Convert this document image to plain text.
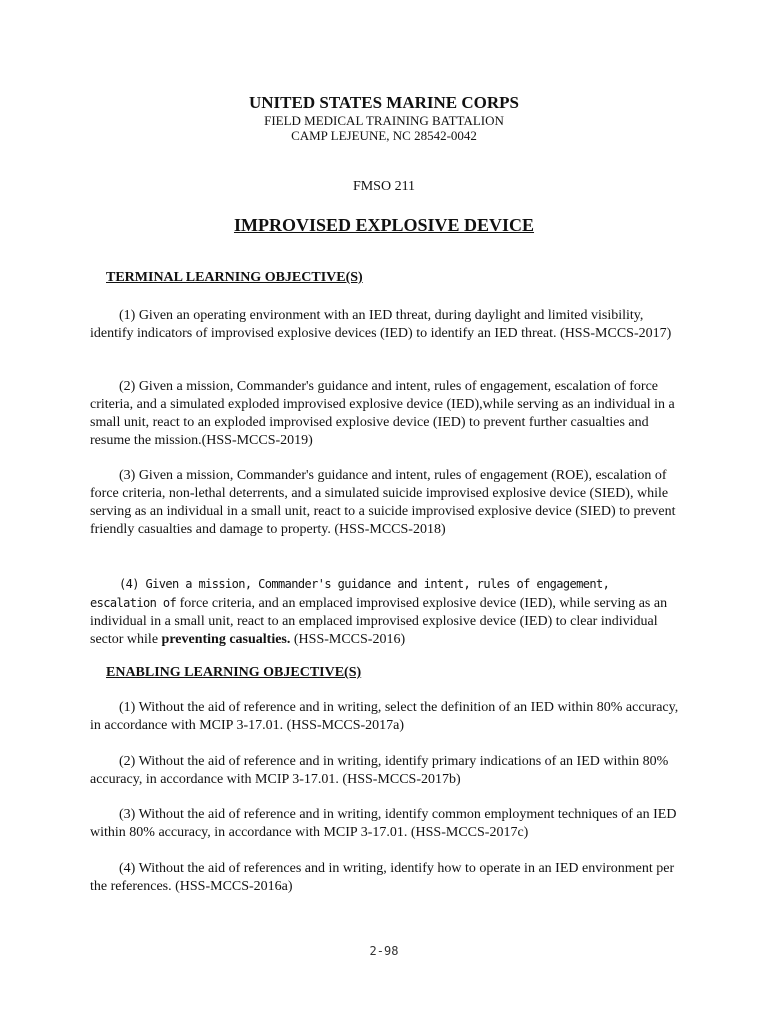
UNITED STATES MARINE CORPS

FIELD MEDICAL TRAINING BATTALION

CAMP LEJEUNE, NC 28542-0042

FMSO 211

IMPROVISED EXPLOSIVE DEVICE

TERMINAL LEARNING OBJECTIVE(S)

(1) Given an operating environment with an IED threat, during daylight and limited visibility, identify indicators of improvised explosive devices (IED) to identify an IED threat. (HSS-MCCS-2017)

(2) Given a mission, Commander's guidance and intent, rules of engagement, escalation of force criteria, and a simulated exploded improvised explosive device (IED),while serving as an individual in a small unit, react to an exploded improvised explosive device (IED) to prevent further casualties and resume the mission.(HSS-MCCS-2019)

(3) Given a mission, Commander's guidance and intent, rules of engagement (ROE), escalation of force criteria, non-lethal deterrents, and a simulated suicide improvised explosive device (SIED), while serving as an individual in a small unit, react to a suicide improvised explosive device (SIED) to prevent friendly casualties and damage to property. (HSS-MCCS-2018)

(4) Given a mission, Commander's guidance and intent, rules of engagement, escalation of force criteria, and an emplaced improvised explosive device (IED), while serving as an individual in a small unit, react to an emplaced improvised explosive device (IED) to clear individual sector while preventing casualties. (HSS-MCCS-2016)

ENABLING LEARNING OBJECTIVE(S)

(1) Without the aid of reference and in writing, select the definition of an IED within 80% accuracy, in accordance with MCIP 3-17.01. (HSS-MCCS-2017a)

(2) Without the aid of reference and in writing, identify primary indications of an IED within 80% accuracy, in accordance with MCIP 3-17.01. (HSS-MCCS-2017b)

(3) Without the aid of reference and in writing, identify common employment techniques of an IED within 80% accuracy, in accordance with MCIP 3-17.01. (HSS-MCCS-2017c)

(4) Without the aid of references and in writing, identify how to operate in an IED environment per the references. (HSS-MCCS-2016a)

2-98
